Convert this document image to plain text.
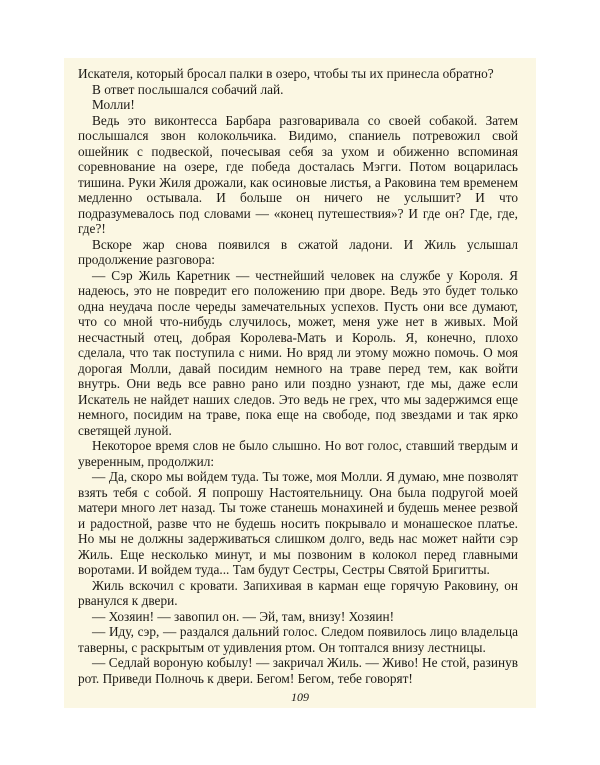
Искателя, который бросал палки в озеро, чтобы ты их принесла обратно?

В ответ послышался собачий лай.

Молли!

Ведь это виконтесса Барбара разговаривала со своей собакой. Затем послышался звон колокольчика. Видимо, спаниель потревожил свой ошейник с подвеской, почесывая себя за ухом и обиженно вспоминая соревнование на озере, где победа досталась Мэгги. Потом воцарилась тишина. Руки Жиля дрожали, как осиновые листья, а Раковина тем временем медленно остывала. И больше он ничего не услышит? И что подразумевалось под словами — «конец путешествия»? И где он? Где, где, где?!

Вскоре жар снова появился в сжатой ладони. И Жиль услышал продолжение разговора:

— Сэр Жиль Каретник — честнейший человек на службе у Короля. Я надеюсь, это не повредит его положению при дворе. Ведь это будет только одна неудача после череды замечательных успехов. Пусть они все думают, что со мной что-нибудь случилось, может, меня уже нет в живых. Мой несчастный отец, добрая Королева-Мать и Король. Я, конечно, плохо сделала, что так поступила с ними. Но вряд ли этому можно помочь. О моя дорогая Молли, давай посидим немного на траве перед тем, как войти внутрь. Они ведь все равно рано или поздно узнают, где мы, даже если Искатель не найдет наших следов. Это ведь не грех, что мы задержимся еще немного, посидим на траве, пока еще на свободе, под звездами и так ярко светящей луной.

Некоторое время слов не было слышно. Но вот голос, ставший твердым и уверенным, продолжил:

— Да, скоро мы войдем туда. Ты тоже, моя Молли. Я думаю, мне позволят взять тебя с собой. Я попрошу Настоятельницу. Она была подругой моей матери много лет назад. Ты тоже станешь монахиней и будешь менее резвой и радостной, разве что не будешь носить покрывало и монашеское платье. Но мы не должны задерживаться слишком долго, ведь нас может найти сэр Жиль. Еще несколько минут, и мы позвоним в колокол перед главными воротами. И войдем туда... Там будут Сестры, Сестры Святой Бригитты.

Жиль вскочил с кровати. Запихивая в карман еще горячую Раковину, он рванулся к двери.

— Хозяин! — завопил он. — Эй, там, внизу! Хозяин!

— Иду, сэр, — раздался дальний голос. Следом появилось лицо владельца таверны, с раскрытым от удивления ртом. Он топтался внизу лестницы.

— Седлай вороную кобылу! — закричал Жиль. — Живо! Не стой, разинув рот. Приведи Полночь к двери. Бегом! Бегом, тебе говорят!

109
